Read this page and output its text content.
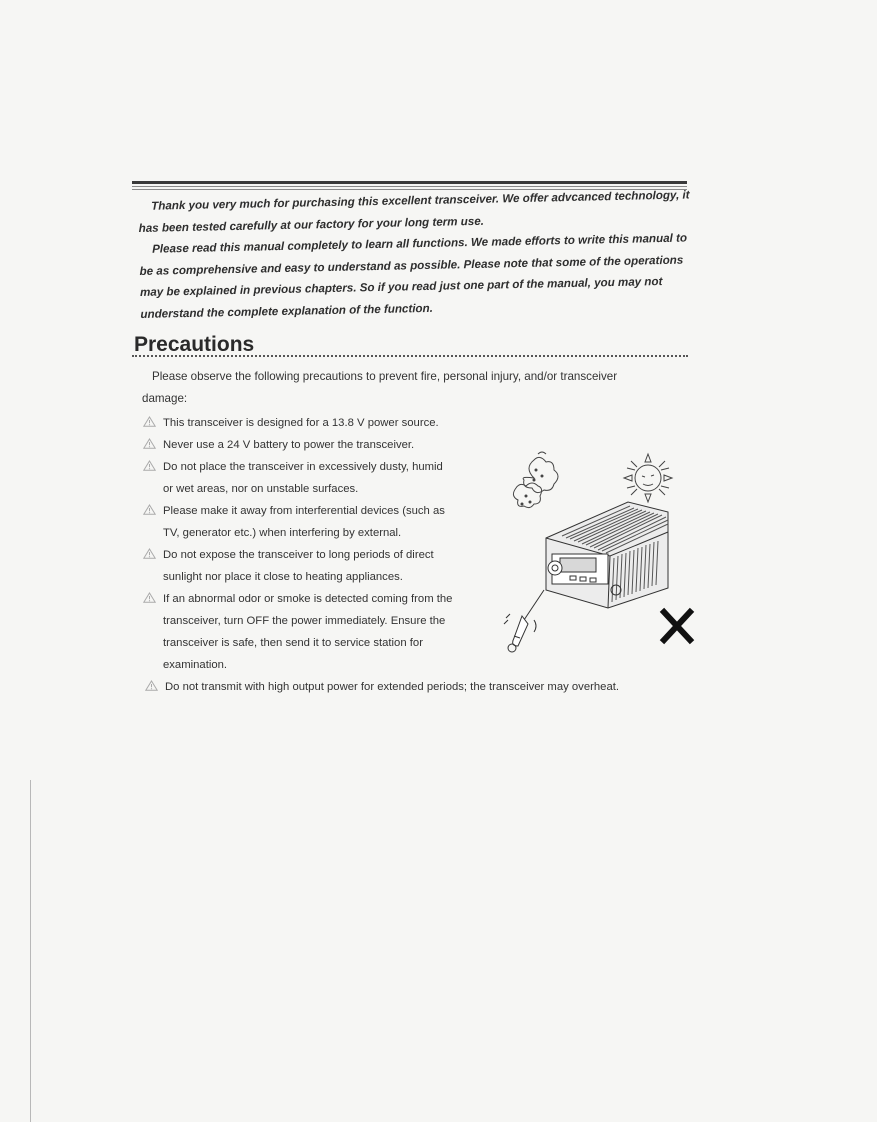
Thank you very much for purchasing this excellent transceiver. We offer advcanced technology, it has been tested carefully at our factory for your long term use.

Please read this manual completely to learn all functions. We made efforts to write this manual to be as comprehensive and easy to understand as possible. Please note that some of the operations may be explained in previous chapters. So if you read just one part of the manual, you may not understand the complete explanation of the function.

Precautions

Please observe the following precautions to prevent fire, personal injury, and/or transceiver
damage:

This transceiver is designed for a 13.8 V power source.
Never use a 24 V battery to power the transceiver.
Do not place the transceiver in excessively dusty, humid
or wet areas, nor on unstable surfaces.
Please make it away from interferential devices (such as
TV, generator etc.) when interfering by external.
Do not expose the transceiver to long periods of direct
sunlight nor place it close to heating appliances.
If an abnormal odor or smoke is detected coming from the
transceiver, turn OFF the power immediately. Ensure the
transceiver is safe, then send it to service station for
examination.
Do not transmit with high output power for extended periods; the transceiver may overheat.
